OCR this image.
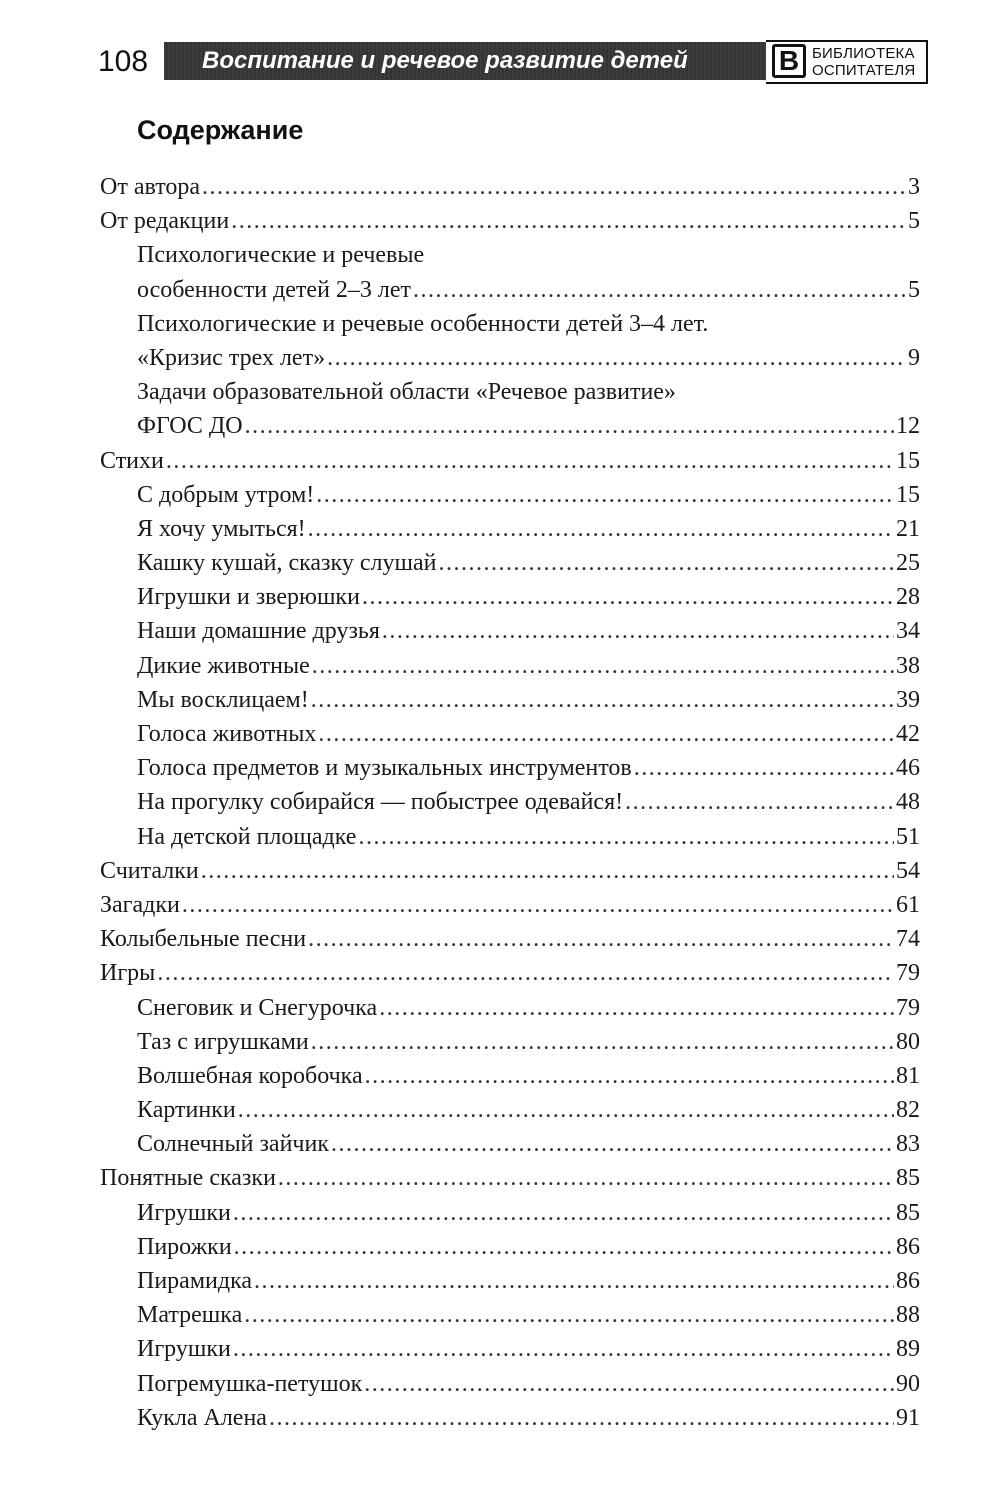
108	Воспитание и речевое развитие детей	В БИБЛИОТЕКА
ОСПИТАТЕЛЯ
Содержание
От автора .....	3
От редакции .....	5
Психологические и речевые
особенности детей 2–3 лет .....	5
Психологические и речевые особенности детей 3–4 лет.
«Кризис трех лет» .....	9
Задачи образовательной области «Речевое развитие»
ФГОС ДО .....	12
Стихи .....	15
С добрым утром! .....	15
Я хочу умыться! .....	21
Кашку кушай, сказку слушай .....	25
Игрушки и зверюшки .....	28
Наши домашние друзья .....	34
Дикие животные .....	38
Мы восклицаем! .....	39
Голоса животных .....	42
Голоса предметов и музыкальных инструментов .....	46
На прогулку собирайся — побыстрее одевайся! .....	48
На детской площадке .....	51
Считалки .....	54
Загадки .....	61
Колыбельные песни .....	74
Игры .....	79
Снеговик и Снегурочка .....	79
Таз с игрушками .....	80
Волшебная коробочка .....	81
Картинки .....	82
Солнечный зайчик .....	83
Понятные сказки .....	85
Игрушки .....	85
Пирожки .....	86
Пирамидка .....	86
Матрешка .....	88
Игрушки .....	89
Погремушка-петушок .....	90
Кукла Алена .....	91
